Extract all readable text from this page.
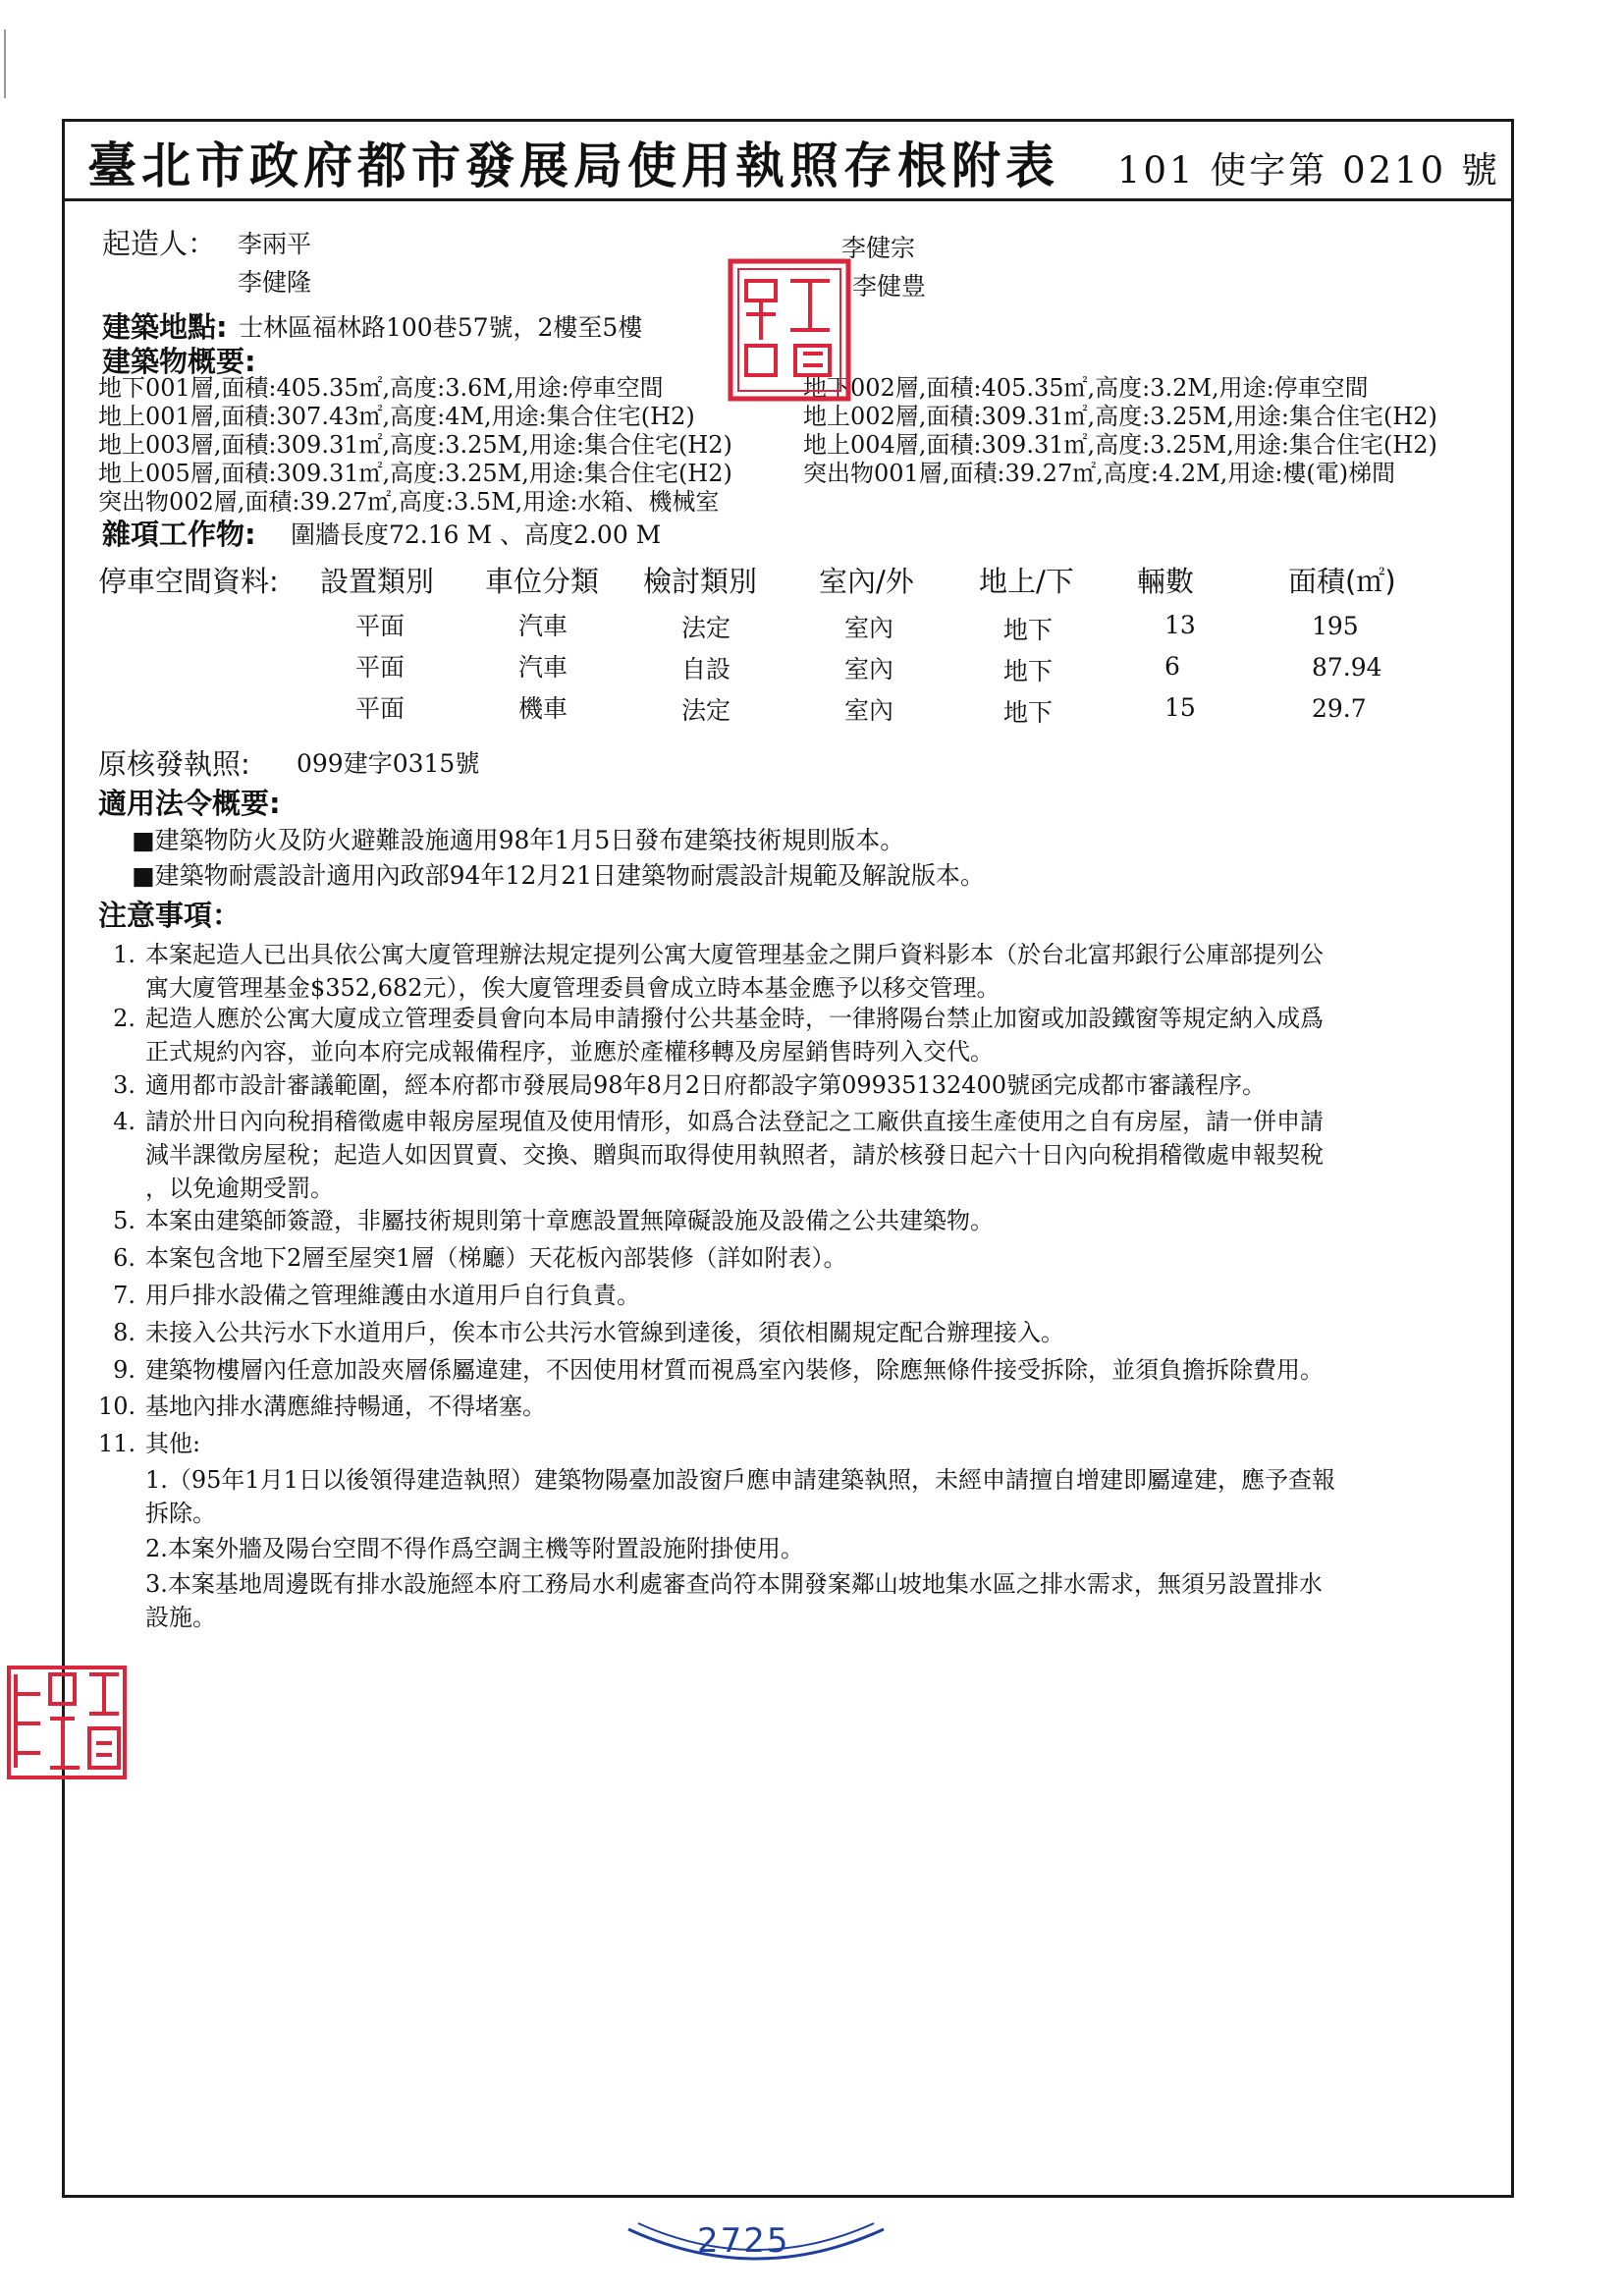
臺北市政府都市發展局使用執照存根附表 101 使字第 0210 號
起造人： 李兩平
李健隆
李健宗
李健豊
建築地點: 士林區福林路100巷57號，2樓至5樓
建築物概要:
地下001層,面積:405.35㎡,高度:3.6M,用途:停車空間
地上001層,面積:307.43㎡,高度:4M,用途:集合住宅(H2)
地上003層,面積:309.31㎡,高度:3.25M,用途:集合住宅(H2)
地上005層,面積:309.31㎡,高度:3.25M,用途:集合住宅(H2)
突出物002層,面積:39.27㎡,高度:3.5M,用途:水箱、機械室
地下002層,面積:405.35㎡,高度:3.2M,用途:停車空間
地上002層,面積:309.31㎡,高度:3.25M,用途:集合住宅(H2)
地上004層,面積:309.31㎡,高度:3.25M,用途:集合住宅(H2)
突出物001層,面積:39.27㎡,高度:4.2M,用途:樓(電)梯間
雜項工作物: 圍牆長度72.16 M 、高度2.00 M
停車空間資料: 設置類別 車位分類 檢討類別 室內/外 地上/下 輛數	面積(㎡)
平面	汽車	法定	室內	地下	13	195
平面	汽車	自設	室內	地下	6	87.94
平面	機車	法定	室內	地下	15	29.7
原核發執照: 099建字0315號
適用法令概要:
■建築物防火及防火避難設施適用98年1月5日發布建築技術規則版本。
■建築物耐震設計適用內政部94年12月21日建築物耐震設計規範及解說版本。
注意事項：
1. 本案起造人已出具依公寓大廈管理辦法規定提列公寓大廈管理基金之開戶資料影本（於台北富邦銀行公庫部提列公
寓大廈管理基金$352,682元），俟大廈管理委員會成立時本基金應予以移交管理。
2. 起造人應於公寓大廈成立管理委員會向本局申請撥付公共基金時，一律將陽台禁止加窗或加設鐵窗等規定納入成爲
正式規約內容，並向本府完成報備程序，並應於產權移轉及房屋銷售時列入交代。
3. 適用都市設計審議範圍，經本府都市發展局98年8月2日府都設字第09935132400號函完成都市審議程序。
4. 請於卅日內向稅捐稽徵處申報房屋現值及使用情形，如爲合法登記之工廠供直接生產使用之自有房屋，請一併申請
減半課徵房屋稅；起造人如因買賣、交換、贈與而取得使用執照者，請於核發日起六十日內向稅捐稽徵處申報契稅
，以免逾期受罰。
5. 本案由建築師簽證，非屬技術規則第十章應設置無障礙設施及設備之公共建築物。
6. 本案包含地下2層至屋突1層（梯廳）天花板內部裝修（詳如附表）。
7. 用戶排水設備之管理維護由水道用戶自行負責。
8. 未接入公共污水下水道用戶，俟本市公共污水管線到達後，須依相關規定配合辦理接入。
9. 建築物樓層內任意加設夾層係屬違建，不因使用材質而視爲室內裝修，除應無條件接受拆除，並須負擔拆除費用。
10. 基地內排水溝應維持暢通，不得堵塞。
11. 其他:
1.（95年1月1日以後領得建造執照）建築物陽臺加設窗戶應申請建築執照，未經申請擅自增建即屬違建，應予查報
拆除。
2.本案外牆及陽台空間不得作爲空調主機等附置設施附掛使用。
3.本案基地周邊既有排水設施經本府工務局水利處審查尚符本開發案鄰山坡地集水區之排水需求，無須另設置排水
設施。
2725
